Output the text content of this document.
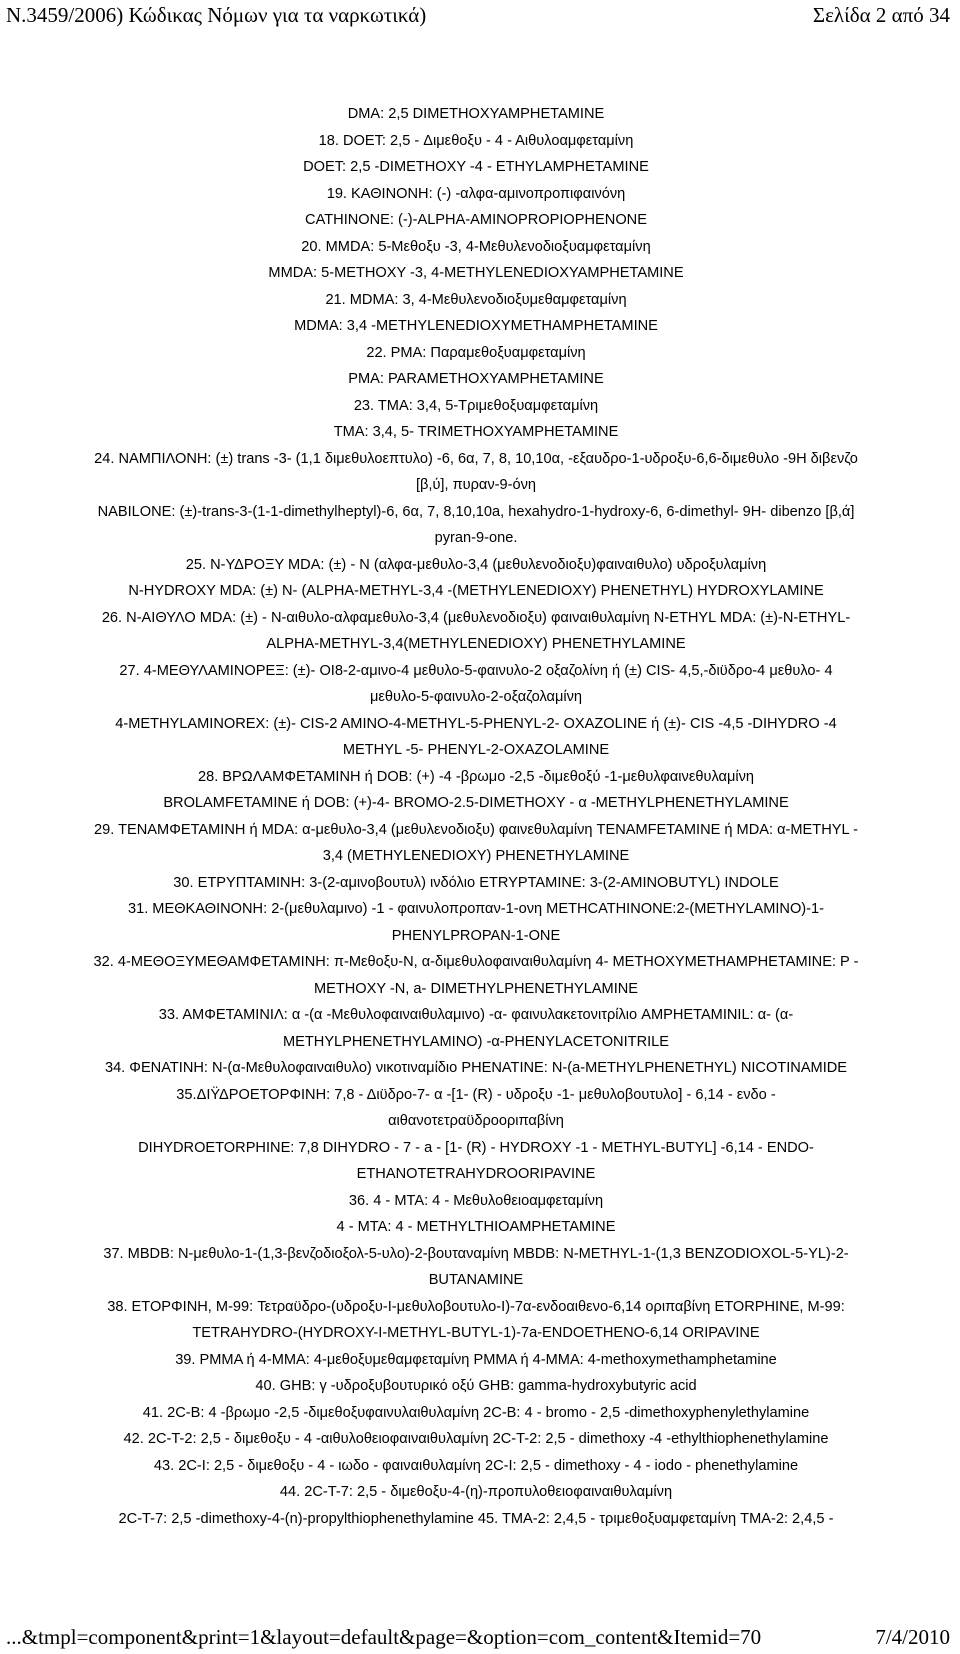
N.3459/2006) Κώδικας Νόμων για τα ναρκωτικά)	Σελίδα 2 από 34
DMA: 2,5 DIMETHOXYAMPHETAMINE
18. DOET: 2,5 - Διμεθοξυ - 4 - Αιθυλοαμφεταμίνη
DOET: 2,5 -DIMETHOXY -4 - ETHYLAMPHETAMINE
19. ΚΑΘΙΝΟΝΗ: (-) -αλφα-αμινοπροπιφαινόνη
CATHINONE: (-)-ALPHA-AMINOPROPIOPHENONE
20. MMDA: 5-Μεθοξυ -3, 4-Μεθυλενοδιοξυαμφεταμίνη
MMDA: 5-METHOXY -3, 4-METHYLENEDIOXYAMPHETAMINE
21. MDMA: 3, 4-Μεθυλενοδιοξυμεθαμφεταμίνη
MDMA: 3,4 -METHYLENEDIOXYMETHAMPHETAMINE
22. PMA: Παραμεθοξυαμφεταμίνη
PMA: PARAMETHOXYAMPHETAMINE
23. TMA: 3,4, 5-Τριμεθοξυαμφεταμίνη
TMA: 3,4, 5- TRIMETHOXYAMPHETAMINE
24. ΝΑΜΠΙΛΟΝΗ: (±) trans -3- (1,1 διμεθυλοεπτυλο) -6, 6α, 7, 8, 10,10α, -εξαυδρο-1-υδροξυ-6,6-διμεθυλο -9Η διβενζο
[β,ύ], πυραν-9-όνη
NABILONE: (±)-trans-3-(1-1-dimethylheptyl)-6, 6α, 7, 8,10,10a, hexahydro-1-hydroxy-6, 6-dimethyl- 9H- dibenzo [β,ά]
pyran-9-one.
25. Ν-ΥΔΡΟΞΥ MDA: (±) - Ν (αλφα-μεθυλο-3,4 (μεθυλενοδιοξυ)φαιναιθυλο) υδροξυλαμίνη
N-HYDROXY MDA: (±) N- (ALPHA-METHYL-3,4 -(METHYLENEDIOXY) PHENETHYL) HYDROXYLAMINE
26. Ν-ΑΙΘΥΛΟ MDA: (±) - Ν-αιθυλο-αλφαμεθυλο-3,4 (μεθυλενοδιοξυ) φαιναιθυλαμίνη N-ETHYL MDA: (±)-N-ETHYL-
ALPHA-METHYL-3,4(METHYLENEDIOXY) PHENETHYLAMINE
27. 4-ΜΕΘΥΛΑΜΙΝΟΡΕΞ: (±)- ΟΙ8-2-αμινο-4 μεθυλο-5-φαινυλο-2 οξαζολίνη ή (±) CIS- 4,5,-διϋδρο-4 μεθυλο- 4
μεθυλο-5-φαινυλο-2-οξαζολαμίνη
4-METHYLAMINOREX: (±)- CIS-2 AMINO-4-METHYL-5-PHENYL-2- OXAZOLINE ή (±)- CIS -4,5 -DIHYDRO -4
METHYL -5- PHENYL-2-OXAZOLAMINE
28. ΒΡΩΛΑΜΦΕΤΑΜΙΝΗ ή DOB: (+) -4 -βρωμο -2,5 -διμεθοξύ -1-μεθυλφαινεθυλαμίνη
BROLAMFETAMINE ή DOB: (+)-4- BROMO-2.5-DIMETHOXY - α -METHYLPHENETHYLAMINE
29. ΤΕΝΑΜΦΕΤΑΜΙΝΗ ή MDA: α-μεθυλο-3,4 (μεθυλενοδιοξυ) φαινεθυλαμίνη TENAMFETAMINE ή MDA: α-METHYL -
3,4 (METHYLENEDIOXY) PHENETHYLAMINE
30. ΕΤΡΥΠΤΑΜΙΝΗ: 3-(2-αμινοβουτυλ) ινδόλιο ETRYPTAMINE: 3-(2-AMINOBUTYL) INDOLE
31. ΜΕΘΚΑΘΙΝΟΝΗ: 2-(μεθυλαμινο) -1 - φαινυλοπροπαν-1-ονη METHCATHINONE:2-(METHYLAMINO)-1-
PHENYLPROPAN-1-ONE
32. 4-ΜΕΘΟΞΥΜΕΘΑΜΦΕΤΑΜΙΝΗ: π-Μεθοξυ-Ν, α-διμεθυλοφαιναιθυλαμίνη 4- METHOXYMETHAMPHETAMINE: P -
METHOXY -N, a- DIMETHYLPHENETHYLAMINE
33. ΑΜΦΕΤΑΜΙΝΙΛ: α -(α -Μεθυλοφαιναιθυλαμινο) -α- φαινυλακετονιτρίλιο AMPHETAMINIL: α- (α-
METHYLPHENETHYLAMINO) -α-PHENYLACETONITRILE
34. ΦΕΝΑΤΙΝΗ: Ν-(α-Μεθυλοφαιναιθυλο) νικοτιναμίδιο PHENATINE: N-(a-METHYLPHENETHYL) NICOTINAMIDE
35.ΔΙΫΔΡΟΕΤΟΡΦΙΝΗ: 7,8 - Διϋδρο-7- α -[1- (R) - υδροξυ -1- μεθυλοβουτυλο] - 6,14 - ενδο -
αιθανοτετραϋδροοριπαβίνη
DIHYDROETORPHINE: 7,8 DIHYDRO - 7 - a - [1- (R) - HYDROXY -1 - METHYL-BUTYL] -6,14 - ENDO-
ETHANOTETRAHYDROORIPAVINE
36. 4 - MTA: 4 - Μεθυλοθειοαμφεταμίνη
4 - MTA: 4 - METHYLTHIOAMPHETAMINE
37. MBDB: Ν-μεθυλο-1-(1,3-βενζοδιοξολ-5-υλο)-2-βουταναμίνη MBDB: N-METHYL-1-(1,3 BENZODIOXOL-5-YL)-2-
BUTANAMINE
38. ΕΤΟΡΦΙΝΗ, M-99: Τετραϋδρο-(υδροξυ-Ι-μεθυλοβουτυλο-Ι)-7α-ενδοαιθενο-6,14 οριπαβίνη ETORPHINE, M-99:
TETRAHYDRO-(HYDROXY-I-METHYL-BUTYL-1)-7a-ENDOETHENO-6,14 ORIPAVINE
39. PMMA ή 4-MMA: 4-μεθοξυμεθαμφεταμίνη PMMA ή 4-MMA: 4-methoxymethamphetamine
40. GHB: γ -υδροξυβουτυρικό οξύ GHB: gamma-hydroxybutyric acid
41. 2C-B: 4 -βρωμο -2,5 -διμεθοξυφαινυλαιθυλαμίνη 2C-B: 4 - bromo - 2,5 -dimethoxyphenylethylamine
42. 2C-T-2: 2,5 - διμεθοξυ - 4 -αιθυλοθειοφαιναιθυλαμίνη 2C-T-2: 2,5 - dimethoxy -4 -ethylthiophenethylamine
43. 2C-I: 2,5 - διμεθοξυ - 4 - ιωδο - φαιναιθυλαμίνη 2C-I: 2,5 - dimethoxy - 4 - iodo - phenethylamine
44. 2C-T-7: 2,5 - διμεθοξυ-4-(η)-προπυλοθειοφαιναιθυλαμίνη
2C-T-7: 2,5 -dimethoxy-4-(n)-propylthiophenethylamine 45. TMA-2: 2,4,5 - τριμεθοξυαμφεταμίνη TMA-2: 2,4,5 -
...&tmpl=component&print=1&layout=default&page=&option=com_content&Itemid=70	7/4/2010
